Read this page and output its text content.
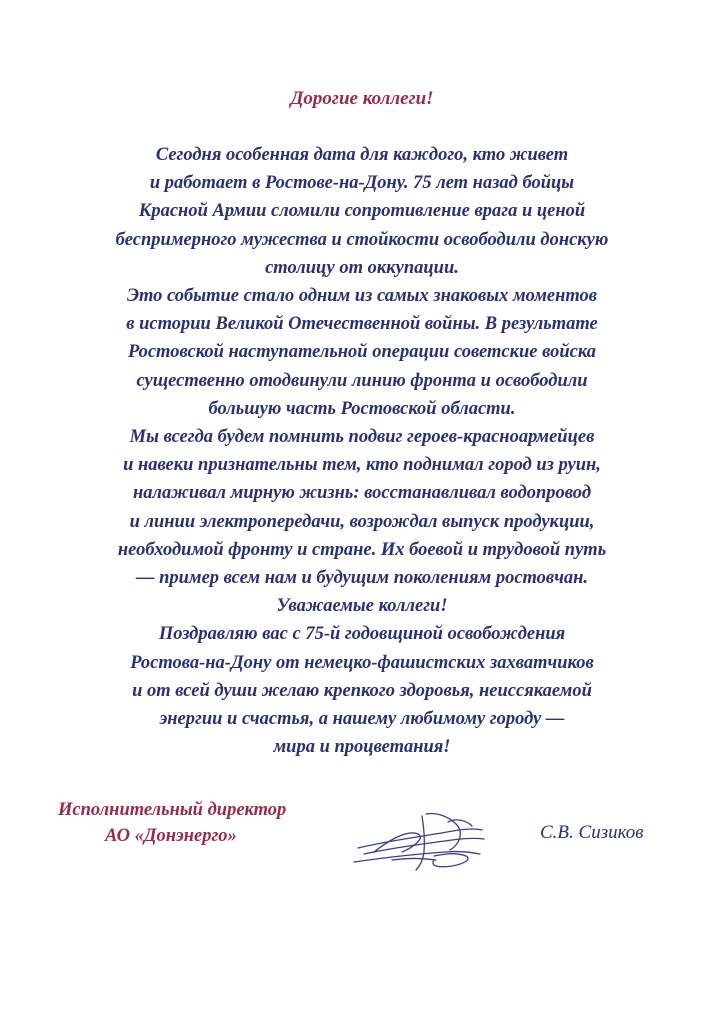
Дорогие коллеги!
Сегодня особенная дата для каждого, кто живет
и работает в Ростове-на-Дону. 75 лет назад бойцы
Красной Армии сломили сопротивление врага и ценой
беспримерного мужества и стойкости освободили донскую
столицу от оккупации.
Это событие стало одним из самых знаковых моментов
в истории Великой Отечественной войны. В результате
Ростовской наступательной операции советские войска
существенно отодвинули линию фронта и освободили
большую часть Ростовской области.
Мы всегда будем помнить подвиг героев-красноармейцев
и навеки признательны тем, кто поднимал город из руин,
налаживал мирную жизнь: восстанавливал водопровод
и линии электропередачи, возрождал выпуск продукции,
необходимой фронту и стране. Их боевой и трудовой путь
— пример всем нам и будущим поколениям ростовчан.
Уважаемые коллеги!
Поздравляю вас с 75-й годовщиной освобождения
Ростова-на-Дону от немецко-фашистских захватчиков
и от всей души желаю крепкого здоровья, неиссякаемой
энергии и счастья, а нашему любимому городу —
мира и процветания!
Исполнительный директор
АО «Донэнерго»	С.В. Сизиков
